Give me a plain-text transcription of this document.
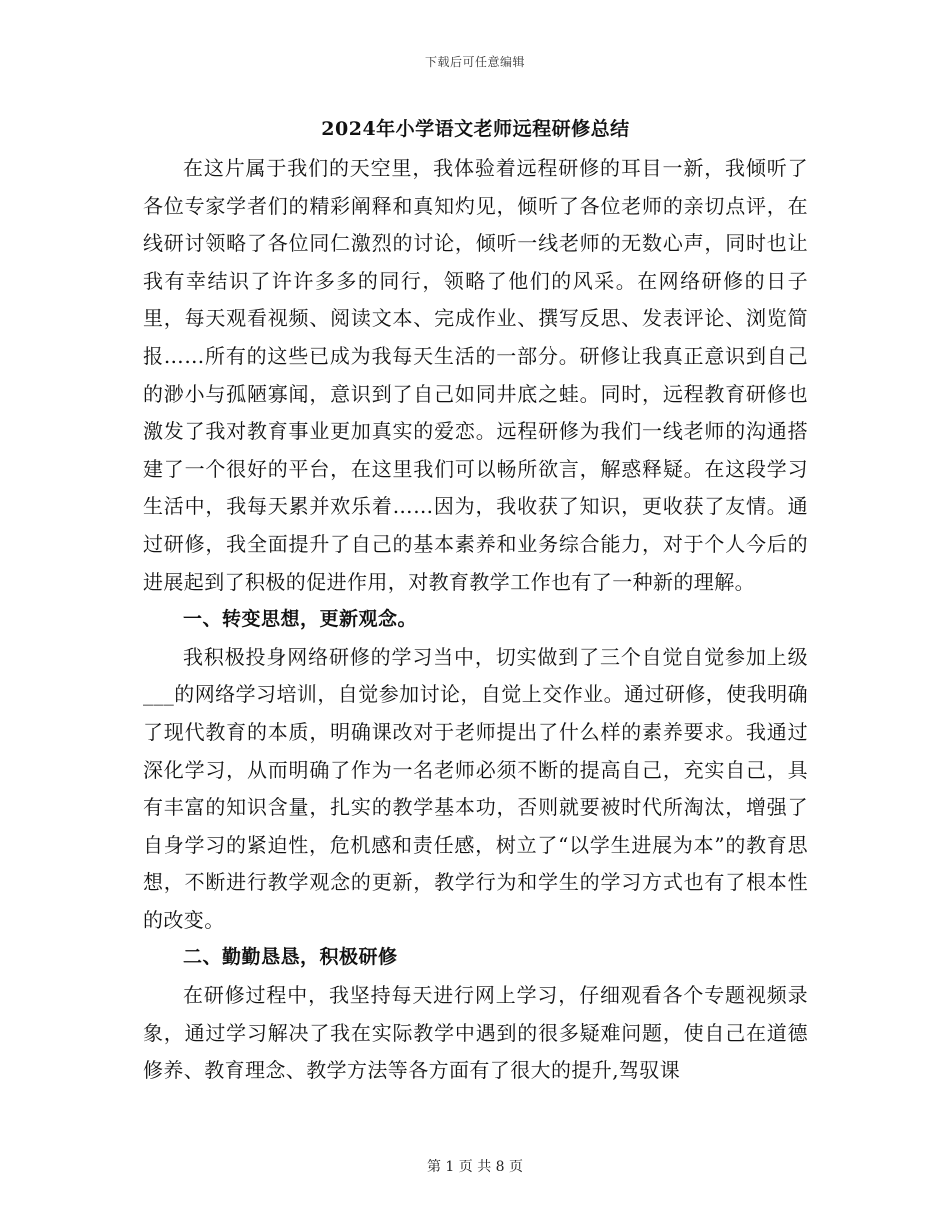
下载后可任意编辑
2024年小学语文老师远程研修总结

在这片属于我们的天空里，我体验着远程研修的耳目一新，我倾听了各位专家学者们的精彩阐释和真知灼见，倾听了各位老师的亲切点评，在线研讨领略了各位同仁激烈的讨论，倾听一线老师的无数心声，同时也让我有幸结识了许许多多的同行，领略了他们的风采。在网络研修的日子里，每天观看视频、阅读文本、完成作业、撰写反思、发表评论、浏览简报……所有的这些已成为我每天生活的一部分。研修让我真正意识到自己的渺小与孤陋寡闻，意识到了自己如同井底之蛙。同时，远程教育研修也激发了我对教育事业更加真实的爱恋。远程研修为我们一线老师的沟通搭建了一个很好的平台，在这里我们可以畅所欲言，解惑释疑。在这段学习生活中，我每天累并欢乐着……因为，我收获了知识，更收获了友情。通过研修，我全面提升了自己的基本素养和业务综合能力，对于个人今后的进展起到了积极的促进作用，对教育教学工作也有了一种新的理解。

一、转变思想，更新观念。

我积极投身网络研修的学习当中，切实做到了三个自觉自觉参加上级___的网络学习培训，自觉参加讨论，自觉上交作业。通过研修，使我明确了现代教育的本质，明确课改对于老师提出了什么样的素养要求。我通过深化学习，从而明确了作为一名老师必须不断的提高自己，充实自己，具有丰富的知识含量，扎实的教学基本功，否则就要被时代所淘汰，增强了自身学习的紧迫性，危机感和责任感，树立了“以学生进展为本”的教育思想，不断进行教学观念的更新，教学行为和学生的学习方式也有了根本性的改变。

二、勤勤恳恳，积极研修

在研修过程中，我坚持每天进行网上学习，仔细观看各个专题视频录象，通过学习解决了我在实际教学中遇到的很多疑难问题，使自己在道德修养、教育理念、教学方法等各方面有了很大的提升,驾驭课

第 1 页 共 8 页
